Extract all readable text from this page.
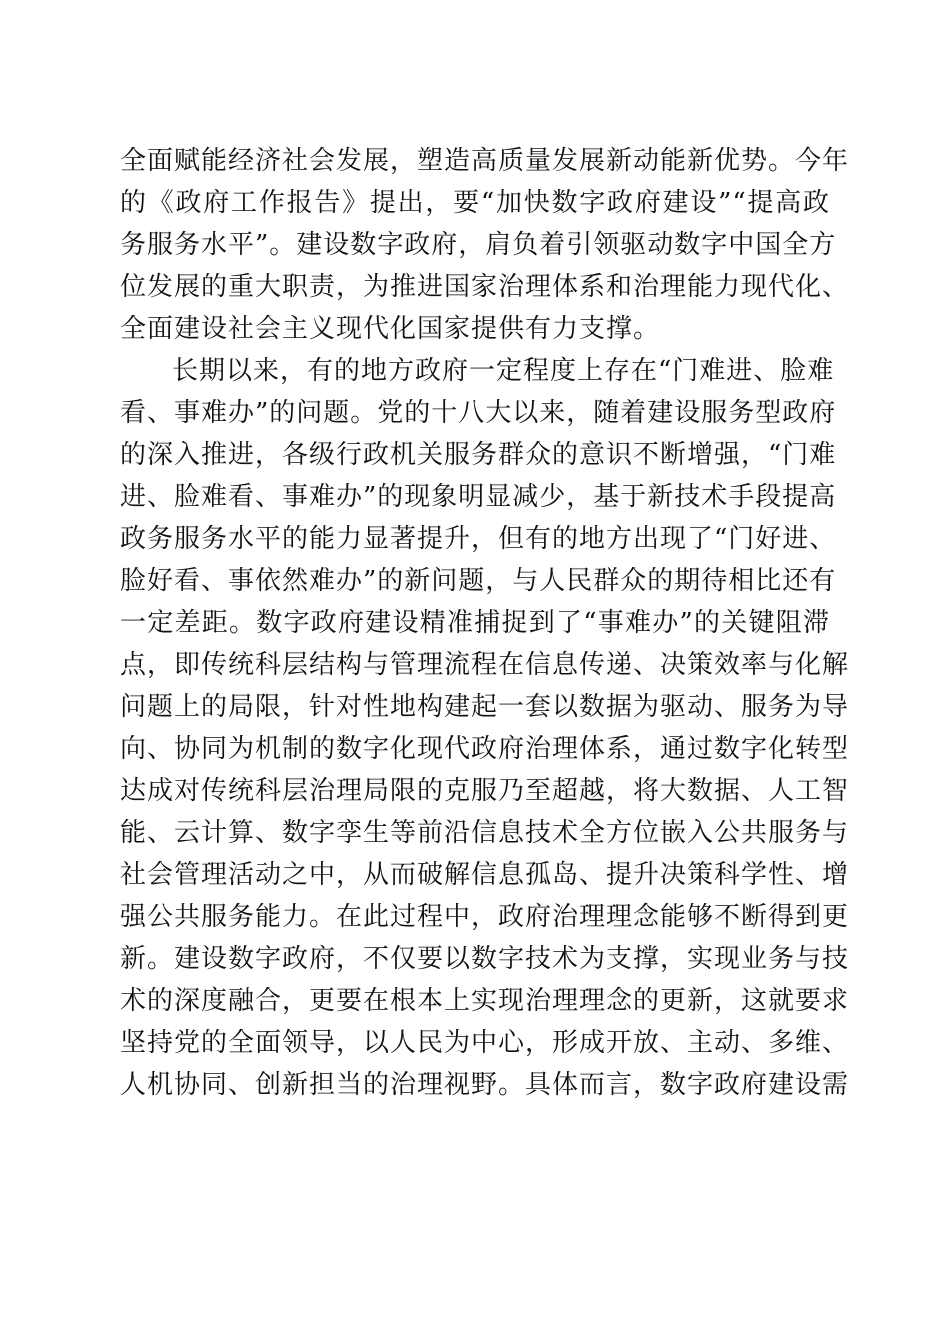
全面赋能经济社会发展，塑造高质量发展新动能新优势。今年
的《政府工作报告》提出，要“加快数字政府建设”“提高政
务服务水平”。建设数字政府，肩负着引领驱动数字中国全方
位发展的重大职责，为推进国家治理体系和治理能力现代化、
全面建设社会主义现代化国家提供有力支撑。
长期以来，有的地方政府一定程度上存在“门难进、脸难
看、事难办”的问题。党的十八大以来，随着建设服务型政府
的深入推进，各级行政机关服务群众的意识不断增强，“门难
进、脸难看、事难办”的现象明显减少，基于新技术手段提高
政务服务水平的能力显著提升，但有的地方出现了“门好进、
脸好看、事依然难办”的新问题，与人民群众的期待相比还有
一定差距。数字政府建设精准捕捉到了“事难办”的关键阻滞
点，即传统科层结构与管理流程在信息传递、决策效率与化解
问题上的局限，针对性地构建起一套以数据为驱动、服务为导
向、协同为机制的数字化现代政府治理体系，通过数字化转型
达成对传统科层治理局限的克服乃至超越，将大数据、人工智
能、云计算、数字孪生等前沿信息技术全方位嵌入公共服务与
社会管理活动之中，从而破解信息孤岛、提升决策科学性、增
强公共服务能力。在此过程中，政府治理理念能够不断得到更
新。建设数字政府，不仅要以数字技术为支撑，实现业务与技
术的深度融合，更要在根本上实现治理理念的更新，这就要求
坚持党的全面领导，以人民为中心，形成开放、主动、多维、
人机协同、创新担当的治理视野。具体而言，数字政府建设需
